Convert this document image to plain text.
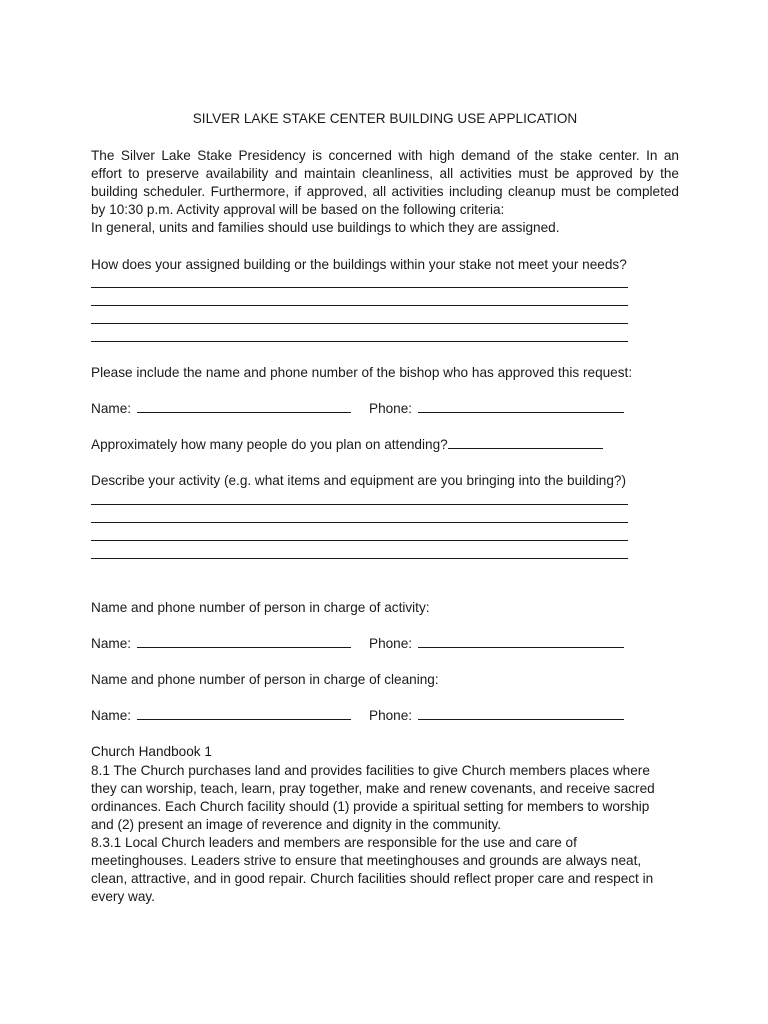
SILVER LAKE STAKE CENTER BUILDING USE APPLICATION
The Silver Lake Stake Presidency is concerned with high demand of the stake center. In an
effort to preserve availability and maintain cleanliness, all activities must be approved by the
building scheduler. Furthermore, if approved, all activities including cleanup must be completed
by 10:30 p.m. Activity approval will be based on the following criteria:
In general, units and families should use buildings to which they are assigned.
How does your assigned building or the buildings within your stake not meet your needs?
Please include the name and phone number of the bishop who has approved this request:
Name:	Phone:
Approximately how many people do you plan on attending?
Describe your activity (e.g. what items and equipment are you bringing into the building?)
Name and phone number of person in charge of activity:
Name:	Phone:
Name and phone number of person in charge of cleaning:
Name:	Phone:
Church Handbook 1
8.1 The Church purchases land and provides facilities to give Church members places where
they can worship, teach, learn, pray together, make and renew covenants, and receive sacred
ordinances. Each Church facility should (1) provide a spiritual setting for members to worship
and (2) present an image of reverence and dignity in the community.
8.3.1 Local Church leaders and members are responsible for the use and care of
meetinghouses. Leaders strive to ensure that meetinghouses and grounds are always neat,
clean, attractive, and in good repair. Church facilities should reflect proper care and respect in
every way.
